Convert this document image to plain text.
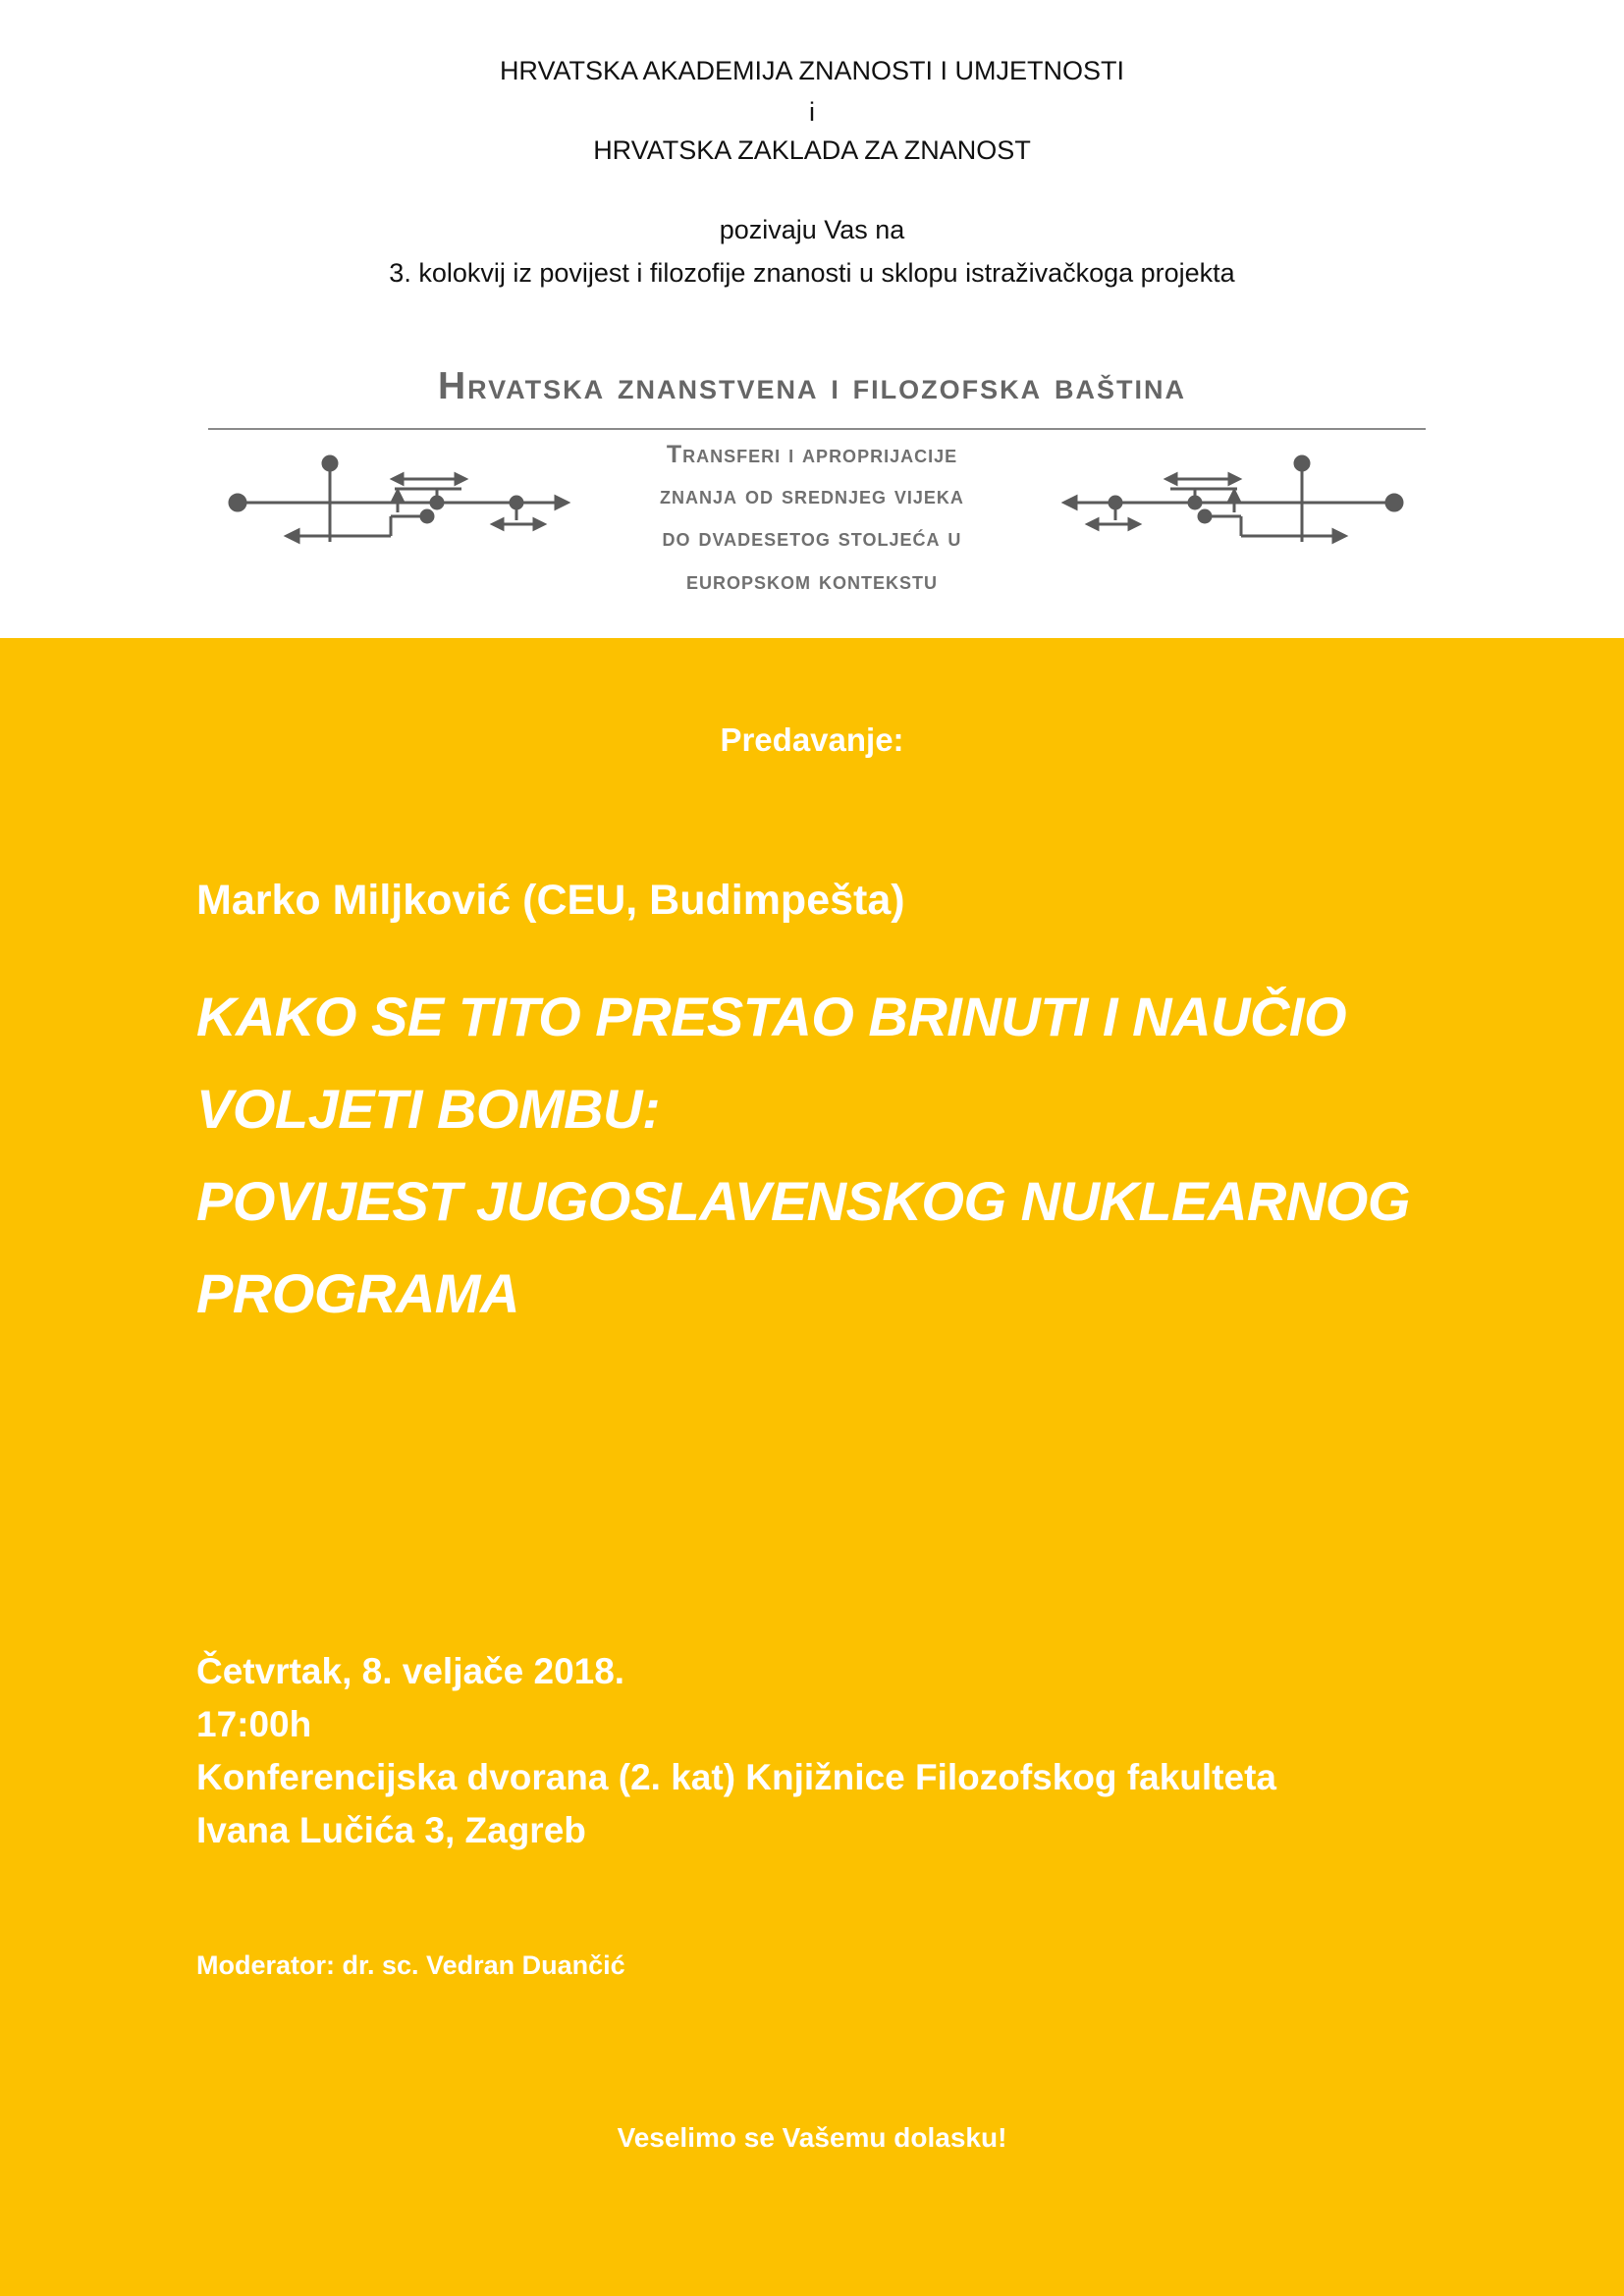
HRVATSKA AKADEMIJA ZNANOSTI I UMJETNOSTI
i
HRVATSKA ZAKLADA ZA ZNANOST
pozivaju Vas na
3. kolokvij iz povijest i filozofije znanosti u sklopu istraživačkoga projekta
Hrvatska znanstvena i filozofska baština
Transferi i apropriјacije
znanja od srednjeg vijeka
do dvadesetog stoljeća u
europskom kontekstu
Predavanje:
Marko Miljković (CEU, Budimpešta)
KAKO SE TITO PRESTAO BRINUTI I NAUČIO
VOLJETI BOMBU:
POVIJEST JUGOSLAVENSKOG NUKLEARNOG
PROGRAMA
Četvrtak, 8. veljače 2018.
17:00h
Konferencijska dvorana (2. kat) Knjižnice Filozofskog fakulteta
Ivana Lučića 3, Zagreb
Moderator: dr. sc. Vedran Duančić
Veselimo se Vašemu dolasku!
